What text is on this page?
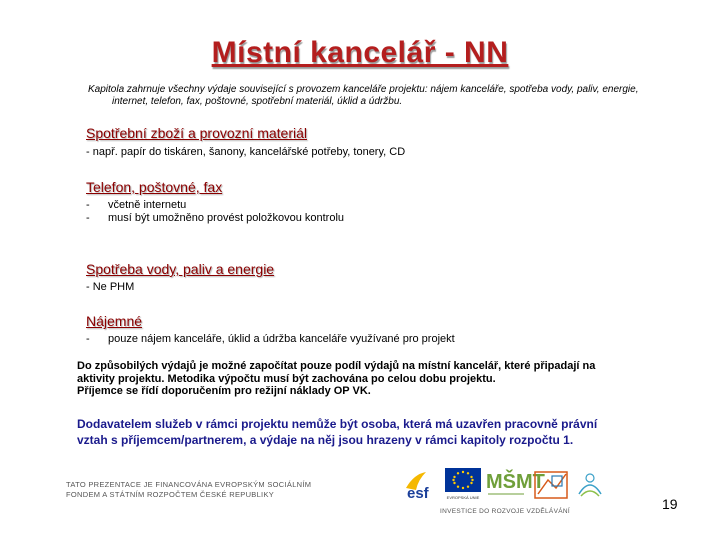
Místní kancelář - NN
Kapitola zahrnuje všechny výdaje související s provozem kanceláře projektu: nájem kanceláře, spotřeba vody, paliv, energie,
internet, telefon, fax, poštovné, spotřební materiál, úklid a údržbu.
Spotřební zboží a provozní materiál
- např. papír do tiskáren, šanony, kancelářské potřeby, tonery, CD
Telefon, poštovné, fax
-	včetně internetu
-	musí být umožněno provést položkovou kontrolu
Spotřeba vody, paliv a energie
- Ne PHM
Nájemné
-	pouze nájem kanceláře, úklid a údržba kanceláře využívané pro projekt
Do způsobilých výdajů je možné započítat pouze podíl výdajů na místní kancelář, které připadají na
aktivity projektu. Metodika výpočtu musí být zachována po celou dobu projektu.
Příjemce se řídí doporučením pro režijní náklady OP VK.
Dodavatelem služeb v rámci projektu nemůže být osoba, která má uzavřen pracovně právní
vztah s příjemcem/partnerem, a výdaje na něj jsou hrazeny v rámci kapitoly rozpočtu 1.
TATO PREZENTACE JE FINANCOVÁNA EVROPSKÝM SOCIÁLNÍM
FONDEM A STÁTNÍM ROZPOČTEM ČESKÉ REPUBLIKY	esf	EVROPSKÁ UNIE
MŠMT
INVESTICE DO ROZVOJE VZDĚLÁVÁNÍ	19
